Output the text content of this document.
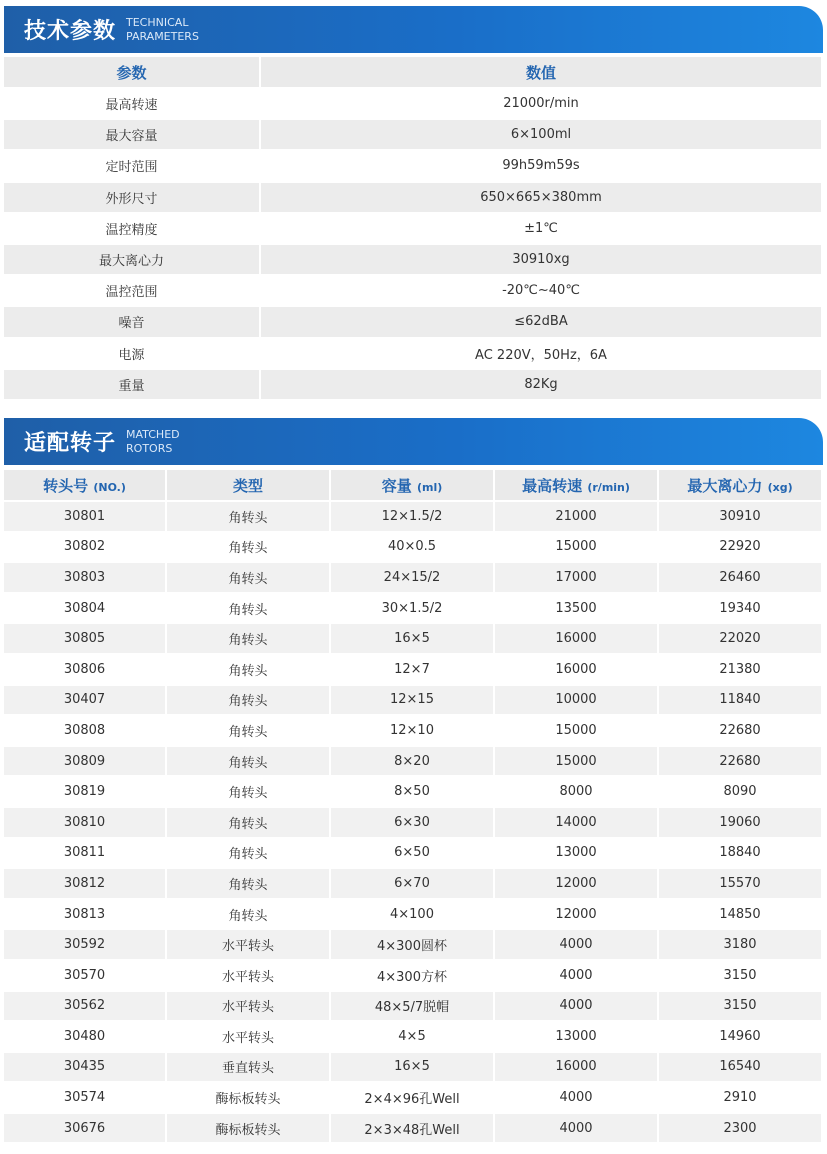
技术参数 TECHNICAL
PARAMETERS
参数	数值
最高转速	21000r/min
最大容量	6×100ml
定时范围	99h59m59s
外形尺寸	650×665×380mm
温控精度	±1℃
最大离心力	30910xg
温控范围	-20℃~40℃
噪音	≤62dBA
电源	AC 220V，50Hz，6A
重量	82Kg
适配转子 MATCHED
ROTORS
转头号 (NO.)	类型	容量 (ml)	最高转速 (r/min)	最大离心力 (xg)
30801	角转头	12×1.5/2	21000	30910
30802	角转头	40×0.5	15000	22920
30803	角转头	24×15/2	17000	26460
30804	角转头	30×1.5/2	13500	19340
30805	角转头	16×5	16000	22020
30806	角转头	12×7	16000	21380
30407	角转头	12×15	10000	11840
30808	角转头	12×10	15000	22680
30809	角转头	8×20	15000	22680
30819	角转头	8×50	8000	8090
30810	角转头	6×30	14000	19060
30811	角转头	6×50	13000	18840
30812	角转头	6×70	12000	15570
30813	角转头	4×100	12000	14850
30592	水平转头	4×300圆杯	4000	3180
30570	水平转头	4×300方杯	4000	3150
30562	水平转头	48×5/7脱帽	4000	3150
30480	水平转头	4×5	13000	14960
30435	垂直转头	16×5	16000	16540
30574	酶标板转头	2×4×96孔Well	4000	2910
30676	酶标板转头	2×3×48孔Well	4000	2300
